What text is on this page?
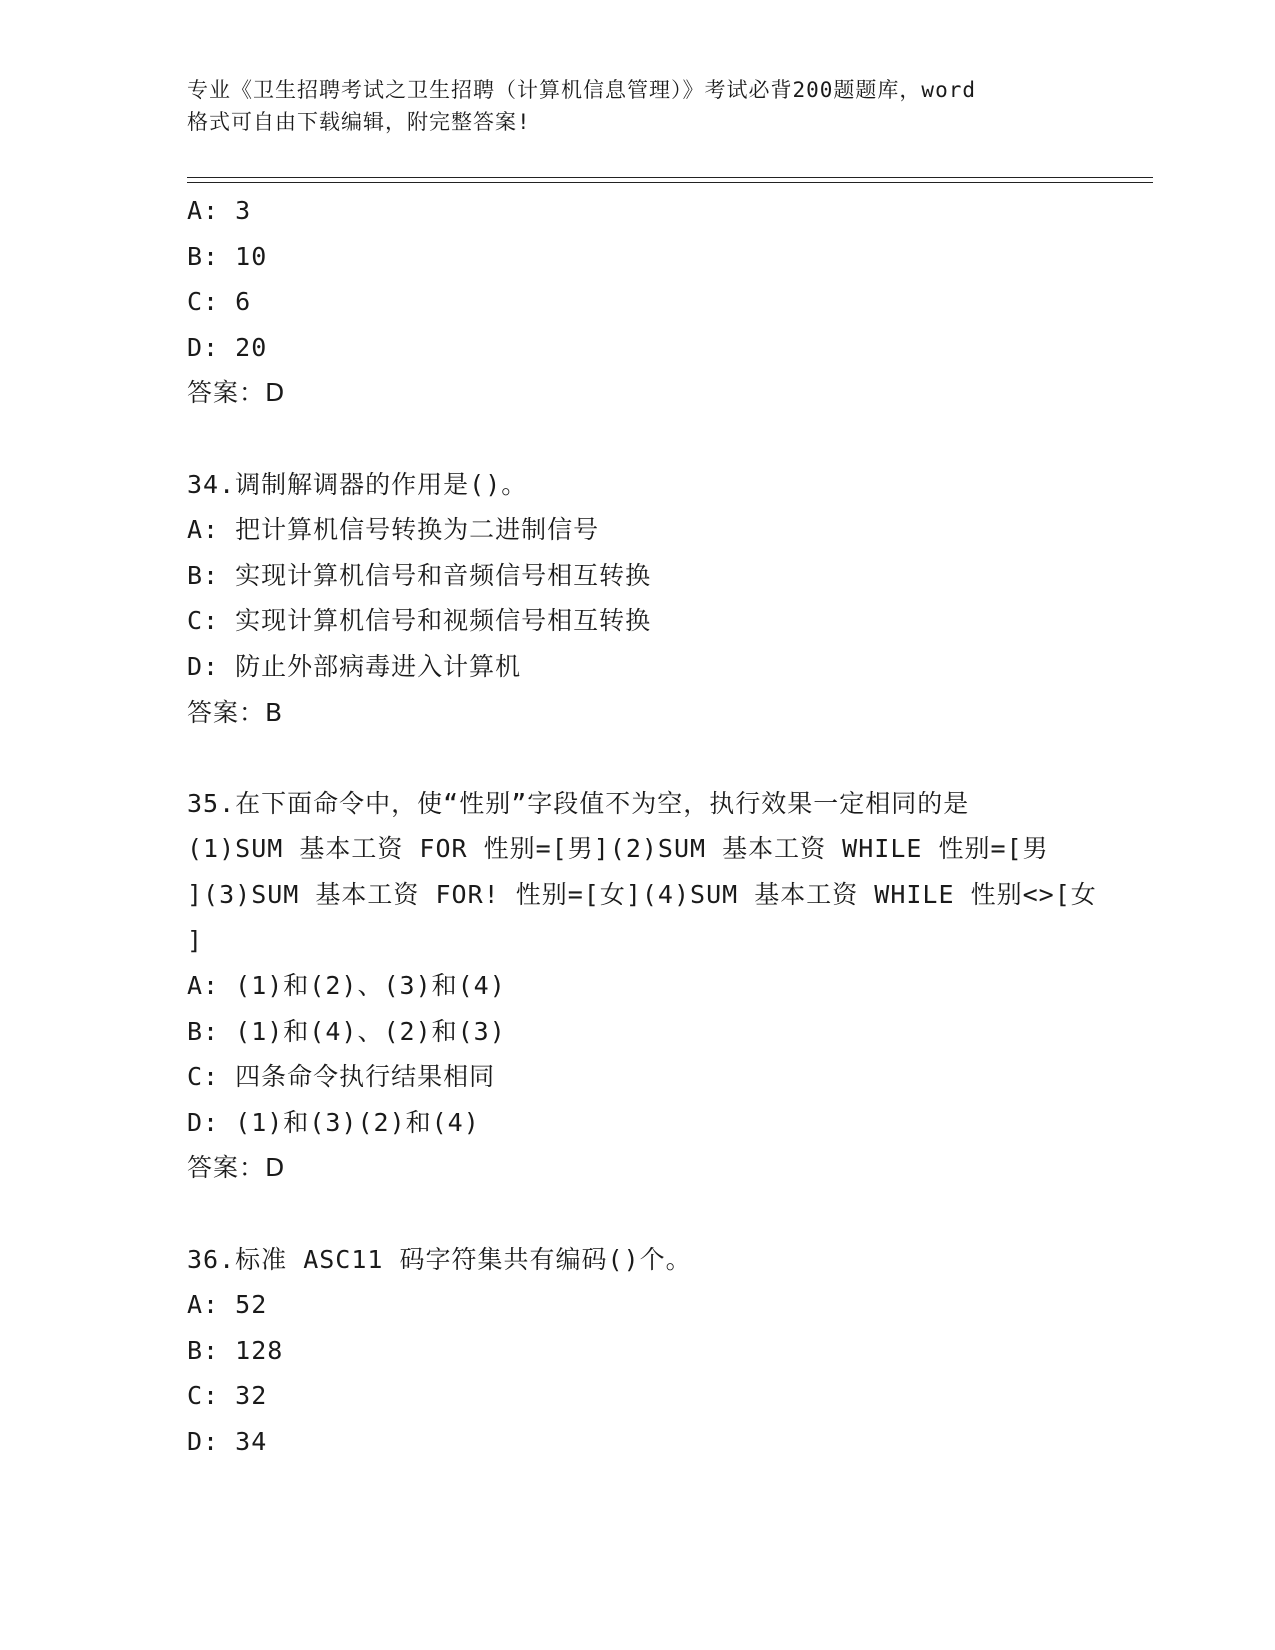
专业《卫生招聘考试之卫生招聘（计算机信息管理）》考试必背200题题库，word
格式可自由下载编辑，附完整答案!
A: 3
B: 10
C: 6
D: 20
答案：D
34.调制解调器的作用是()。
A: 把计算机信号转换为二进制信号
B: 实现计算机信号和音频信号相互转换
C: 实现计算机信号和视频信号相互转换
D: 防止外部病毒进入计算机
答案：B
35.在下面命令中，使“性别”字段值不为空，执行效果一定相同的是
(1)SUM 基本工资 FOR 性别=[男](2)SUM 基本工资 WHILE 性别=[男
](3)SUM 基本工资 FOR! 性别=[女](4)SUM 基本工资 WHILE 性别<>[女
]
A: (1)和(2)、(3)和(4)
B: (1)和(4)、(2)和(3)
C: 四条命令执行结果相同
D: (1)和(3)(2)和(4)
答案：D
36.标准 ASC11 码字符集共有编码()个。
A: 52
B: 128
C: 32
D: 34
